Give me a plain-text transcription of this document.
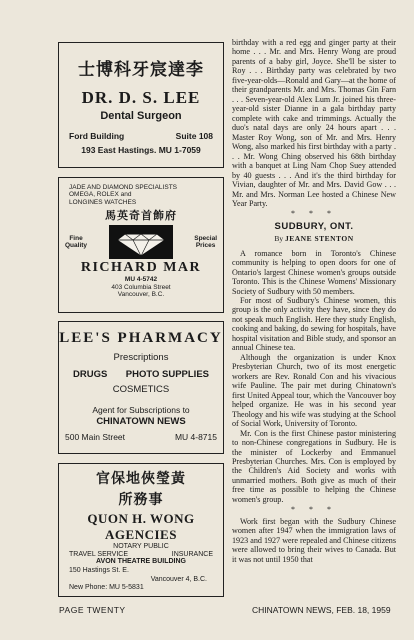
士博科牙宸達李
DR. D. S. LEE
Dental Surgeon
Ford Building	Suite 108
193 East Hastings. MU 1-7059
JADE AND DIAMOND SPECIALISTS
OMEGA, ROLEX and
LONGINES WATCHES
馬英奇首飾府
Fine
Quality
Special
Prices
RICHARD MAR
MU 4-5742
403 Columbia Street
Vancouver, B.C.
LEE'S PHARMACY
Prescriptions
DRUGS PHOTO SUPPLIES
COSMETICS
Agent for Subscriptions to
CHINATOWN NEWS
500 Main Street	MU 4-8715
官保地俠瑩黃
所務事
QUON H. WONG AGENCIES
NOTARY PUBLIC
TRAVEL SERVICE	INSURANCE
AVON THEATRE BUILDING
150 Hastings St. E.
Vancouver 4, B.C.
New Phone: MU 5-5831

birthday with a red egg and ginger party at their home . . . Mr. and Mrs. Henry Wong are proud parents of a baby girl, Joyce. She'll be sister to Roy . . . Birthday party was celebrated by two five-year-olds—Ronald and Gary—at the home of their grandparents Mr. and Mrs. Thomas Gin Farn . . . Seven-year-old Alex Lum Jr. joined his three-year-old sister Dianne in a gala birthday party complete with cake and trimmings. Actually the duo's natal days are only 24 hours apart . . . Master Roy Wong, son of Mr. and Mrs. Henry Wong, also marked his first birthday with a party . . . Mr. Wong Ching observed his 68th birthday with a banquet at Ling Nam Chop Suey attended by 40 guests . . . And it's the third birthday for Vivian, daughter of Mr. and Mrs. David Gow . . . Mr. and Mrs. Norman Lee hosted a Chinese New Year Party.

* * *
SUDBURY, ONT.
By JEANE STENTON

A romance born in Toronto's Chinese community is helping to open doors for one of Ontario's largest Chinese women's groups outside Toronto. This is the Chinese Womens' Missionary Society of Sudbury with 50 members.

For most of Sudbury's Chinese women, this group is the only activity they have, since they do not speak much English. Here they study English, cooking and baking, do sewing for hospitals, have hospital visitation and Bible study, and sponsor an annual Chinese tea.

Although the organization is under Knox Presbyterian Church, two of its most energetic workers are Rev. Ronald Con and his vivacious wife Pauline. The pair met during Chinatown's first United Appeal tour, which the Vancouver boy helped organize. He was in his second year Theology and his wife was studying at the School of Social Work, University of Toronto.

Mr. Con is the first Chinese pastor ministering to non-Chinese congregations in Sudbury. He is the minister of Lockerby and Emmanuel Presbyterian Churches. Mrs. Con is employed by the Children's Aid Society and works with unmarried mothers. Both give as much of their free time as possible to helping the Chinese women's group.

* * *

Work first began with the Sudbury Chinese women after 1947 when the immigration laws of 1923 and 1927 were repealed and Chinese citizens were allowed to bring their wives to Canada. But it was not until 1950 that

PAGE TWENTY	CHINATOWN NEWS, FEB. 18, 1959
